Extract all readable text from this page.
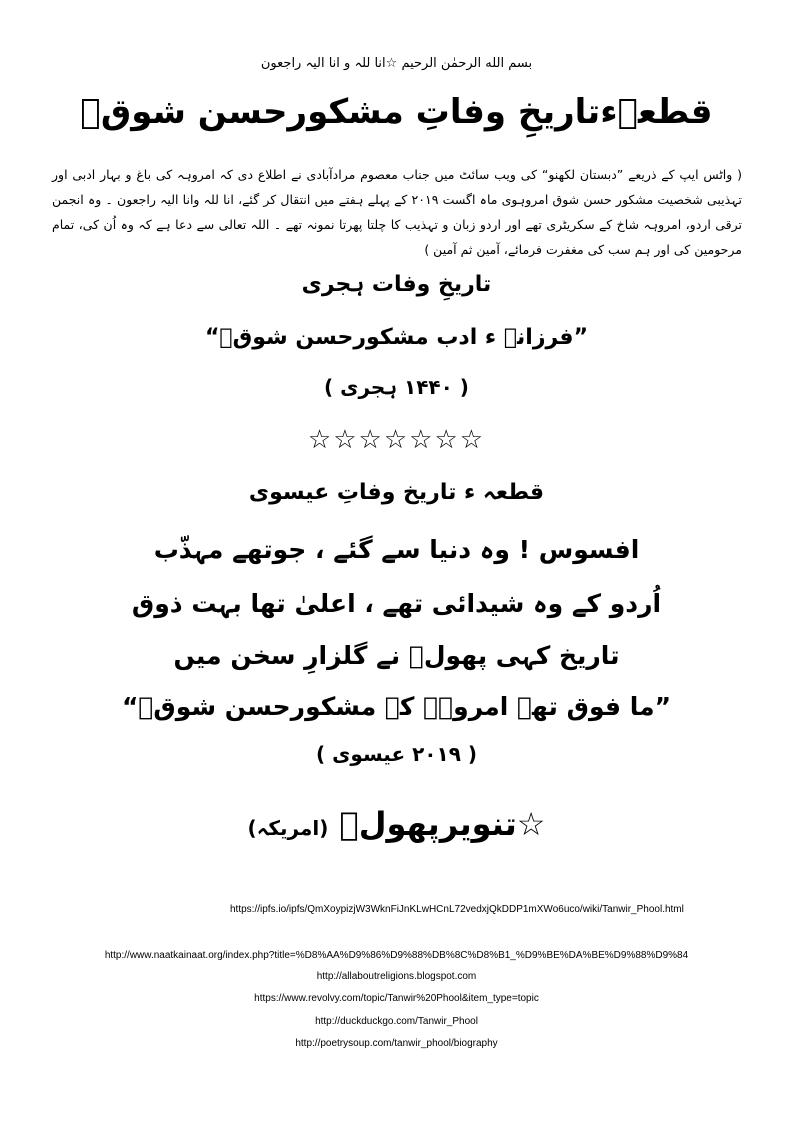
بسم الله الرحمٰن الرحیم ☆انا للہ و انا الیہ راجعون
قطعہءتاریخِ وفاتِ مشکورحسن شوقؔ
( واٹس ایپ کے ذریعے ”دبستان لکھنو“ کی ویب سائٹ میں جناب معصوم مرادآبادی نے اطلاع دی کہ امروہہ کی باغ و بہار ادبی اور تہذیبی شخصیت مشکور حسن شوق امروہوی ماہ اگست ۲۰۱۹ کے پہلے ہفتے میں انتقال کر گئے، انا للہ وانا الیہ راجعون ۔ وہ انجمن ترقی اردو، امروہہ شاخ کے سکریٹری تھے اور اردو زبان و تہذیب کا چلتا پھرتا نمونہ تھے ۔ اللہ تعالی سے دعا ہے کہ وہ اُن کی، تمام مرحومین کی اور ہم سب کی مغفرت فرمائے، آمین ثم آمین )
تاریخِ وفات ہجری
”فرزانہ ء ادب مشکورحسن شوقؔ“
( ۱۴۴۰ ہجری )
☆☆☆☆☆☆☆
قطعہ ء تاریخ وفاتِ عیسوی
افسوس ! وہ دنیا سے گئے ، جوتھے مہذّب
اُردو کے وہ شیدائی تھے ، اعلیٰ تھا بہت ذوق
تاریخ کہی پھولؔ نے گلزارِ سخن میں
”ما فوق تھے امروہہ کے مشکورحسن شوقؔ“
( ۲۰۱۹ عیسوی )
☆تنویرپھولؔ (امریکہ)
https://ipfs.io/ipfs/QmXoypizjW3WknFiJnKLwHCnL72vedxjQkDDP1mXWo6uco/wiki/Tanwir_Phool.html
http://www.naatkainaat.org/index.php?title=%D8%AA%D9%86%D9%88%DB%8C%D8%B1_%D9%BE%DA%BE%D9%88%D9%84
http://allaboutreligions.blogspot.com
https://www.revolvy.com/topic/Tanwir%20Phool&item_type=topic
http://duckduckgo.com/Tanwir_Phool
http://poetrysoup.com/tanwir_phool/biography
